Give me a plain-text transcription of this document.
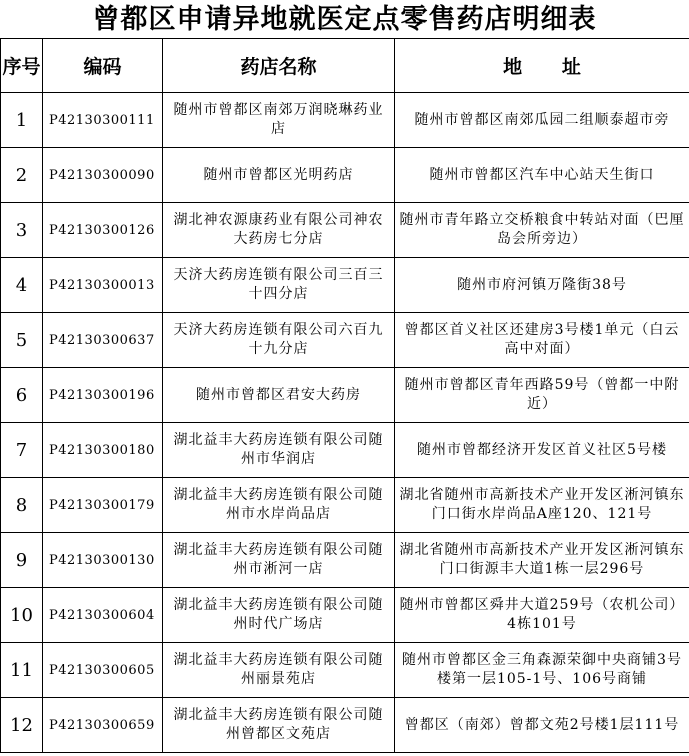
曾都区申请异地就医定点零售药店明细表
序号	编码	药店名称	地      址
1	P42130300111	随州市曾都区南郊万润晓琳药业店	随州市曾都区南郊瓜园二组顺泰超市旁

2	P42130300090	随州市曾都区光明药店	随州市曾都区汽车中心站天生街口

3	P42130300126	湖北神农源康药业有限公司神农大药房七分店	随州市青年路立交桥粮食中转站对面（巴厘岛会所旁边）

4	P42130300013	天济大药房连锁有限公司三百三十四分店	随州市府河镇万隆街38号

5	P42130300637	天济大药房连锁有限公司六百九十九分店	曾都区首义社区还建房3号楼1单元（白云高中对面）

6	P42130300196	随州市曾都区君安大药房	随州市曾都区青年西路59号（曾都一中附近）

7	P42130300180	湖北益丰大药房连锁有限公司随州市华润店	随州市曾都经济开发区首义社区5号楼

8	P42130300179	湖北益丰大药房连锁有限公司随州市水岸尚品店	湖北省随州市高新技术产业开发区淅河镇东门口街水岸尚品A座120、121号

9	P42130300130	湖北益丰大药房连锁有限公司随州市淅河一店	湖北省随州市高新技术产业开发区淅河镇东门口街源丰大道1栋一层296号

10	P42130300604	湖北益丰大药房连锁有限公司随州时代广场店	随州市曾都区舜井大道259号（农机公司）4栋101号

11	P42130300605	湖北益丰大药房连锁有限公司随州丽景苑店	随州市曾都区金三角森源荣御中央商铺3号楼第一层105-1号、106号商铺

12	P42130300659	湖北益丰大药房连锁有限公司随州曾都区文苑店	曾都区（南郊）曾都文苑2号楼1层111号
